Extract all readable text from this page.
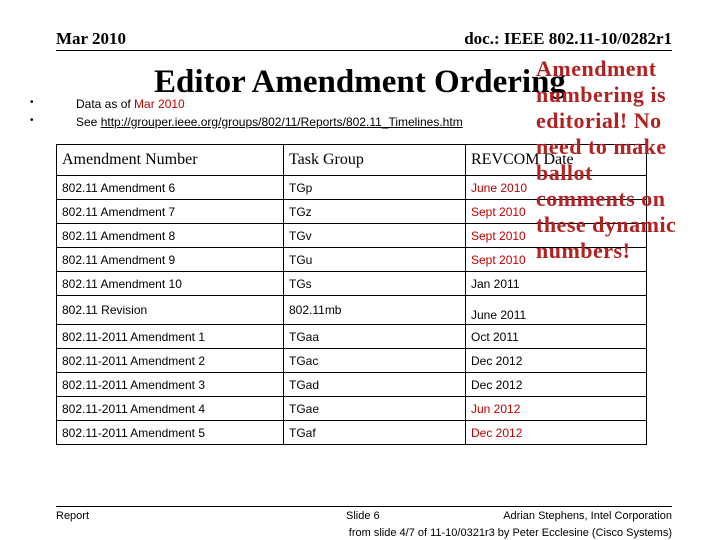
Mar 2010	doc.: IEEE 802.11-10/0282r1
Editor Amendment Ordering
•	Data as of Mar 2010
•	See http://grouper.ieee.org/groups/802/11/Reports/802.11_Timelines.htm
Amendment Number	Task Group	REVCOM Date
802.11 Amendment 6	TGp	June 2010
802.11 Amendment 7	TGz	Sept 2010
802.11 Amendment 8	TGv	Sept 2010
802.11 Amendment 9	TGu	Sept 2010
802.11 Amendment 10	TGs	Jan 2011
802.11 Revision	802.11mb	June 2011
802.11-2011 Amendment 1	TGaa	Oct 2011
802.11-2011 Amendment 2	TGac	Dec 2012
802.11-2011 Amendment 3	TGad	Dec 2012
802.11-2011 Amendment 4	TGae	Jun 2012
802.11-2011 Amendment 5	TGaf	Dec 2012
Amendment numbering is editorial! No need to make ballot comments on these dynamic numbers!
Report	Slide 6	Adrian Stephens, Intel Corporation
from slide 4/7 of 11-10/0321r3 by Peter Ecclesine (Cisco Systems)
